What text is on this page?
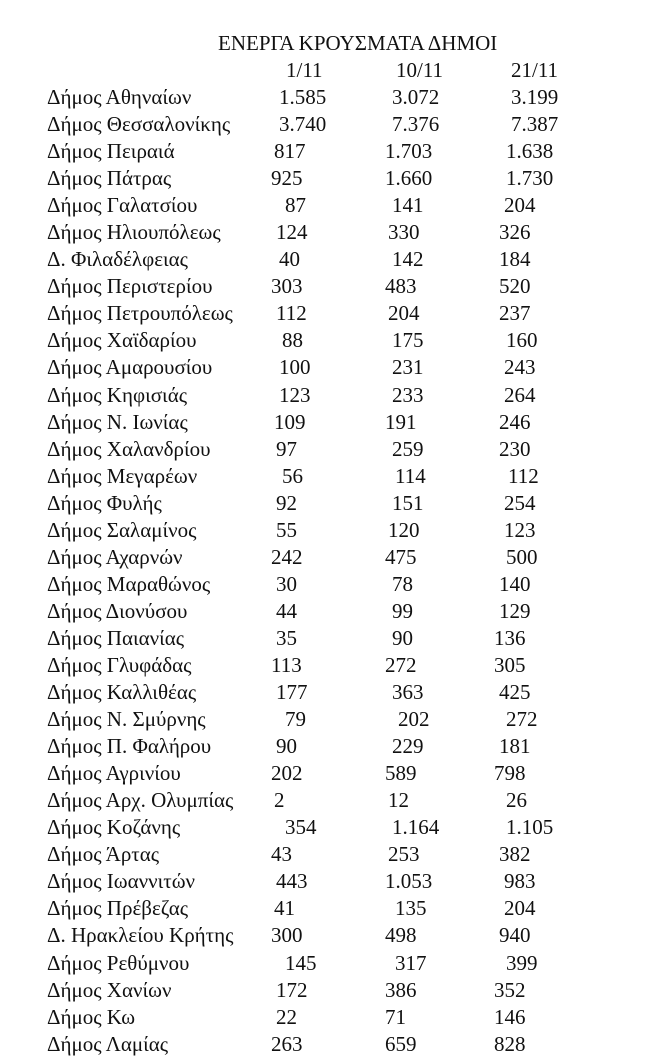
ΕΝΕΡΓΑ ΚΡΟΥΣΜΑΤΑ ΔΗΜΟΙ
1/11	10/11	21/11
Δήμος Αθηναίων	1.585	3.072	3.199
Δήμος Θεσσαλονίκης 3.740	7.376	7.387
Δήμος Πειραιά	817	1.703	1.638
Δήμος Πάτρας	925	1.660	1.730
Δήμος Γαλατσίου	87	141	204
Δήμος Ηλιουπόλεως	124	330	326
Δ. Φιλαδέλφειας	40	142	184
Δήμος Περιστερίου	303	483	520
Δήμος Πετρουπόλεως 112	204	237
Δήμος Χαϊδαρίου	88	175	160
Δήμος Αμαρουσίου	100	231	243
Δήμος Κηφισιάς	123	233	264
Δήμος Ν. Ιωνίας	109	191	246
Δήμος Χαλανδρίου	97	259	230
Δήμος Μεγαρέων	56	114	112
Δήμος Φυλής	92	151	254
Δήμος Σαλαμίνος	55	120	123
Δήμος Αχαρνών	242	475	500
Δήμος Μαραθώνος	30	78	140
Δήμος Διονύσου	44	99	129
Δήμος Παιανίας	35	90	136
Δήμος Γλυφάδας	113	272	305
Δήμος Καλλιθέας	177	363	425
Δήμος Ν. Σμύρνης	79	202	272
Δήμος Π. Φαλήρου	90	229	181
Δήμος Αγρινίου	202	589	798
Δήμος Αρχ. Ολυμπίας 2	12	26
Δήμος Κοζάνης	354	1.164	1.105
Δήμος Άρτας	43	253	382
Δήμος Ιωαννιτών	443	1.053	983
Δήμος Πρέβεζας	41	135	204
Δ. Ηρακλείου Κρήτης 300	498	940
Δήμος Ρεθύμνου	145	317	399
Δήμος Χανίων	172	386	352
Δήμος Κω	22	71	146
Δήμος Λαμίας	263	659	828
